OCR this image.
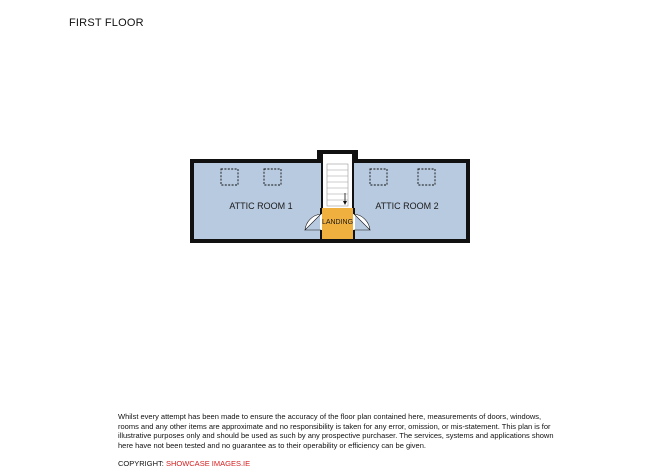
FIRST FLOOR
ATTIC ROOM 1	ATTIC ROOM 2
LANDING
Whilst every attempt has been made to ensure the accuracy of the floor plan contained here, measurements of doors, windows, rooms and any other items are approximate and no responsibility is taken for any error, omission, or mis-statement. This plan is for illustrative purposes only and should be used as such by any prospective purchaser. The services, systems and applications shown here have not been tested and no guarantee as to their operability or efficiency can be given.
COPYRIGHT: SHOWCASE IMAGES.IE
